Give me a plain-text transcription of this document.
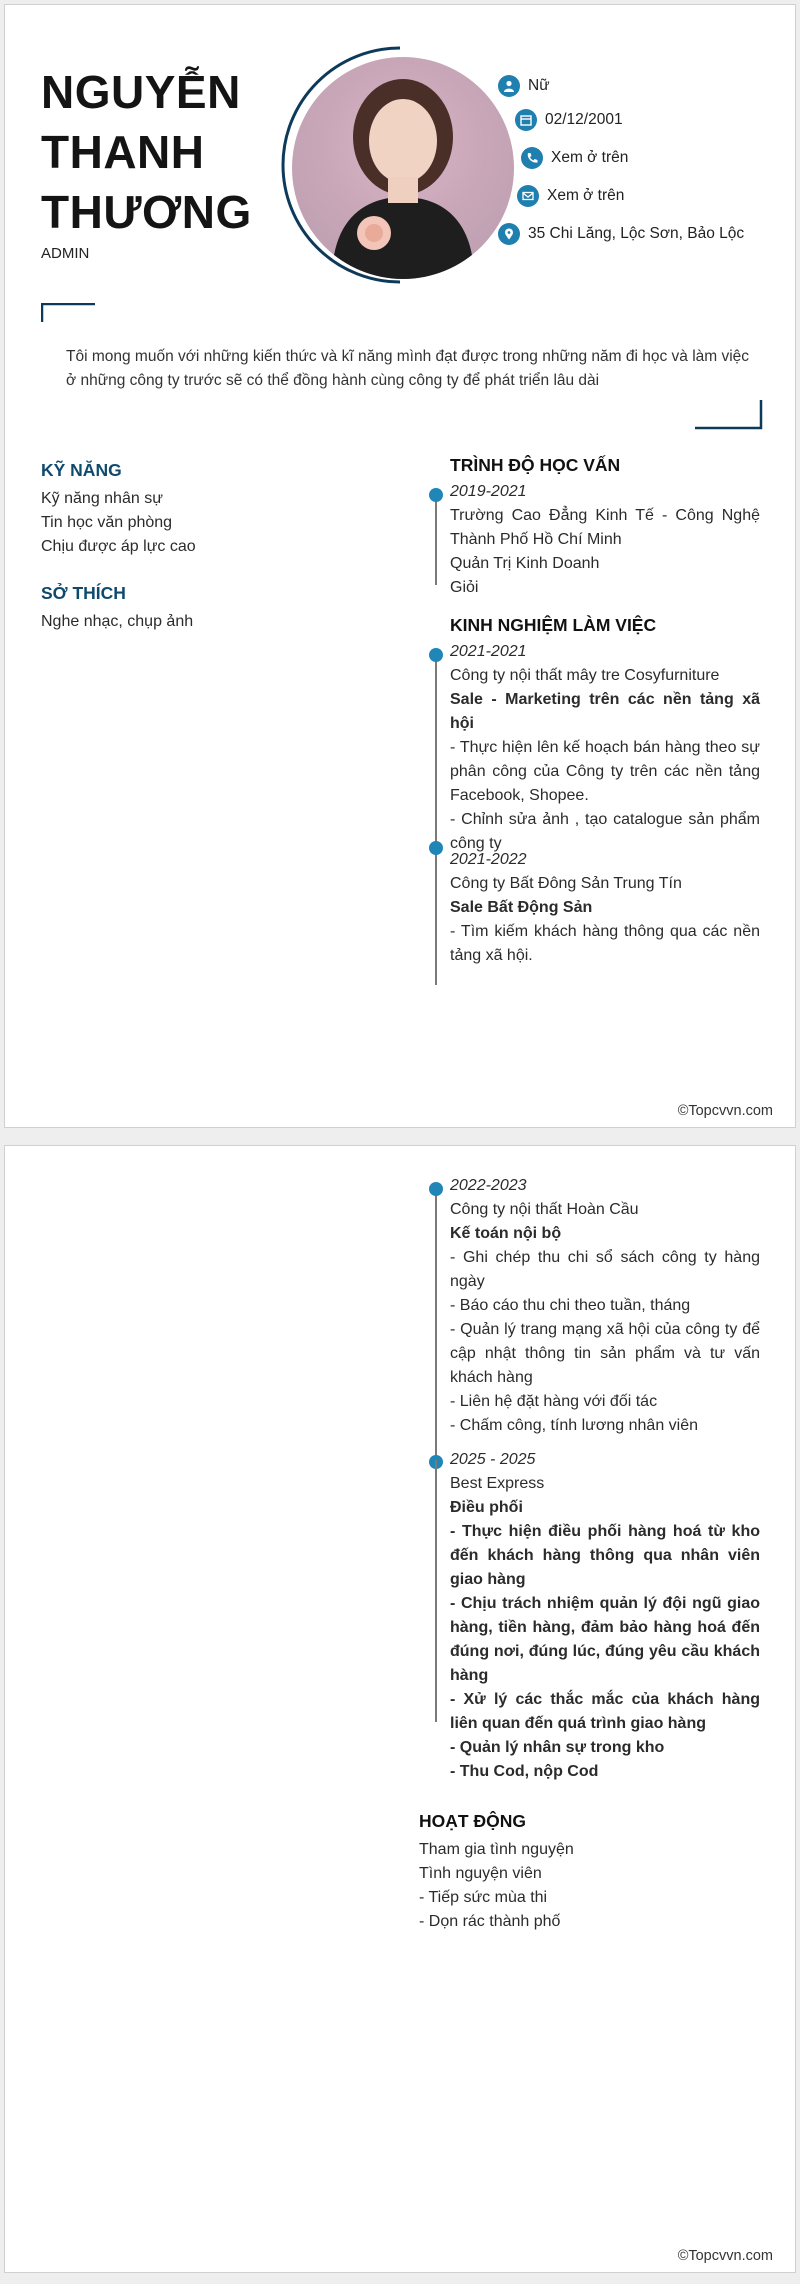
NGUYỄN
THANH
THƯƠNG
ADMIN
Nữ
02/12/2001
Xem ở trên
Xem ở trên
35 Chi Lăng, Lộc Sơn, Bảo Lộc
Tôi mong muốn với những kiến thức và kĩ năng mình đạt được trong những năm đi học và làm việc ở những công ty trước sẽ có thể đồng hành cùng công ty để phát triển lâu dài
KỸ NĂNG
Kỹ năng nhân sự
Tin học văn phòng
Chịu được áp lực cao
SỞ THÍCH
Nghe nhạc, chụp ảnh
TRÌNH ĐỘ HỌC VẤN
2019-2021

Trường Cao Đẳng Kinh Tế - Công Nghệ Thành Phố Hồ Chí Minh

Quản Trị Kinh Doanh

Giỏi

KINH NGHIỆM LÀM VIỆC
2021-2021

Công ty nội thất mây tre Cosyfurniture

Sale - Marketing trên các nền tảng xã hội

- Thực hiện lên kế hoạch bán hàng theo sự phân công của Công ty trên các nền tảng Facebook, Shopee.

- Chỉnh sửa ảnh , tạo catalogue sản phẩm công ty

2021-2022

Công ty Bất Đông Sản Trung Tín

Sale Bất Động Sản

- Tìm kiếm khách hàng thông qua các nền tảng xã hội.

©Topcvvn.com
2022-2023

Công ty nội thất Hoàn Cầu

Kế toán nội bộ

- Ghi chép thu chi sổ sách công ty hàng ngày

- Báo cáo thu chi theo tuần, tháng

- Quản lý trang mạng xã hội của công ty để cập nhật thông tin sản phẩm và tư vấn khách hàng

- Liên hệ đặt hàng với đối tác

- Chấm công, tính lương nhân viên

2025 - 2025

Best Express

Điều phối

- Thực hiện điều phối hàng hoá từ kho đến khách hàng thông qua nhân viên giao hàng

- Chịu trách nhiệm quản lý đội ngũ giao hàng, tiền hàng, đảm bảo hàng hoá đến đúng nơi, đúng lúc, đúng yêu cầu khách hàng

- Xử lý các thắc mắc của khách hàng liên quan đến quá trình giao hàng

- Quản lý nhân sự trong kho

- Thu Cod, nộp Cod

HOẠT ĐỘNG
Tham gia tình nguyện
Tình nguyện viên
- Tiếp sức mùa thi
- Dọn rác thành phố
©Topcvvn.com
